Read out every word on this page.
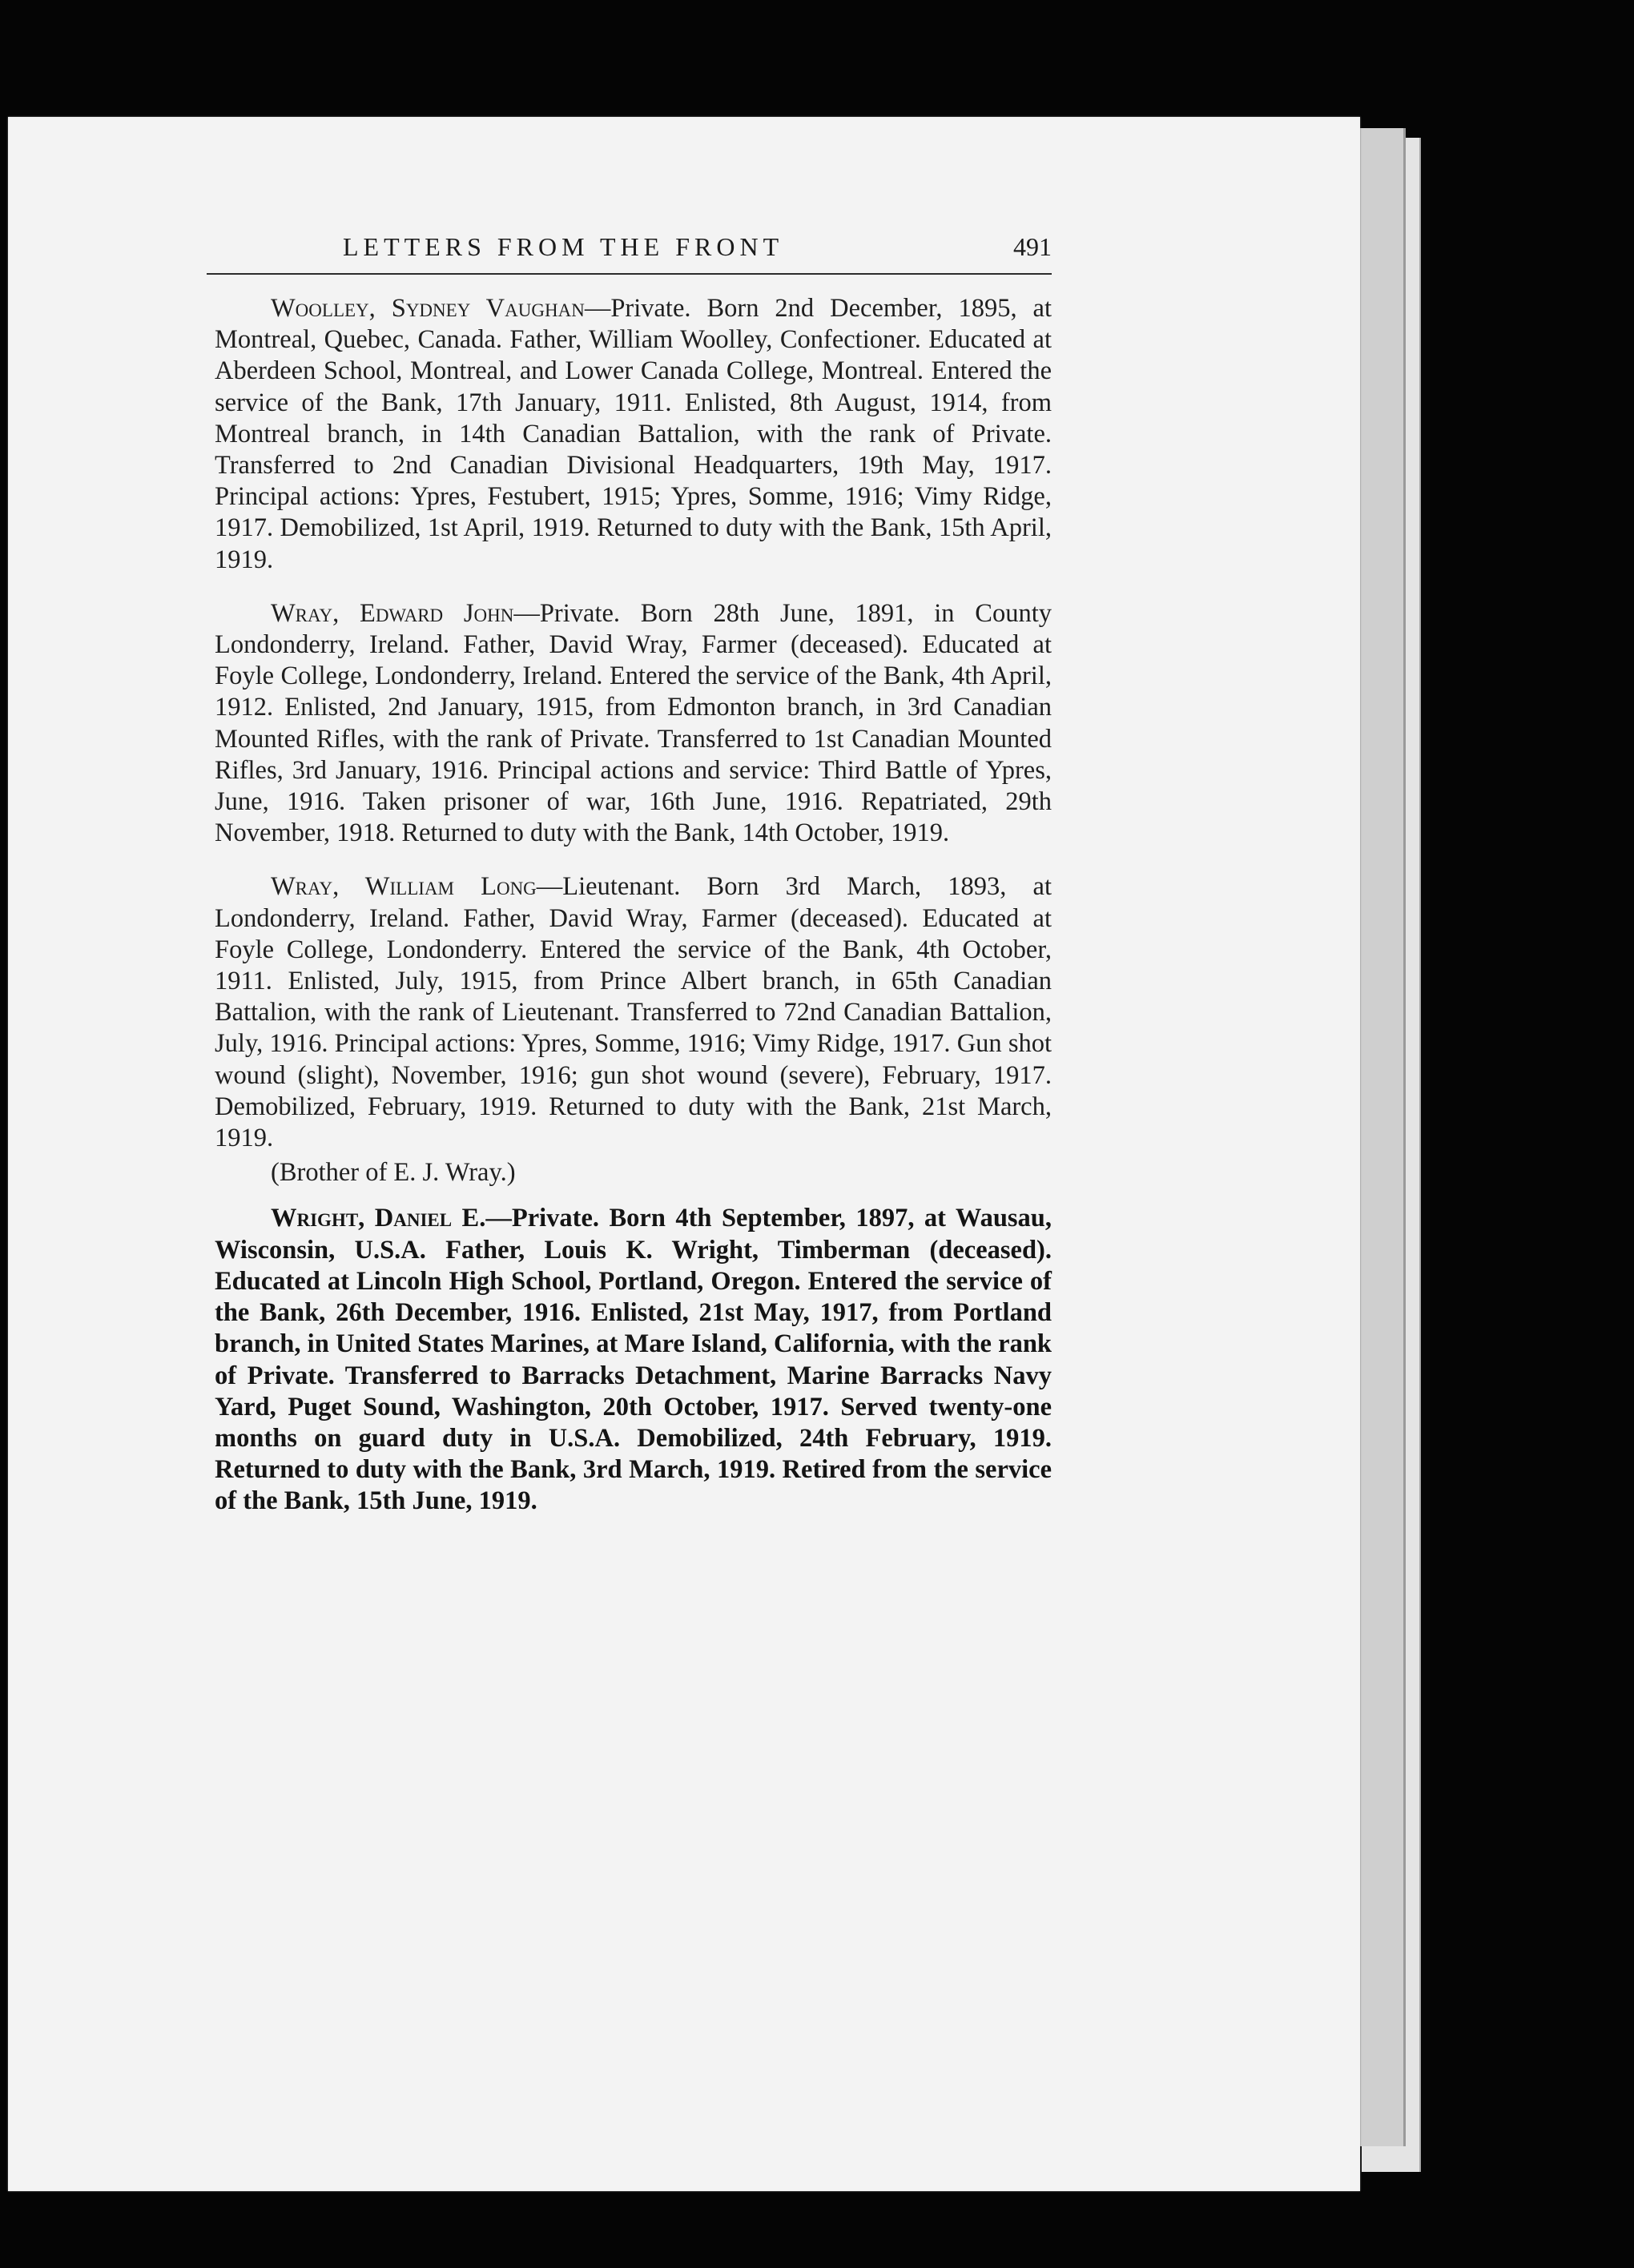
LETTERS FROM THE FRONT	491

Woolley, Sydney Vaughan—Private. Born 2nd December, 1895, at Montreal, Quebec, Canada. Father, William Woolley, Confectioner. Educated at Aberdeen School, Montreal, and Lower Canada College, Montreal. Entered the service of the Bank, 17th January, 1911. Enlisted, 8th August, 1914, from Montreal branch, in 14th Canadian Battalion, with the rank of Private. Transferred to 2nd Canadian Divisional Headquarters, 19th May, 1917. Principal actions: Ypres, Festubert, 1915; Ypres, Somme, 1916; Vimy Ridge, 1917. Demobilized, 1st April, 1919. Returned to duty with the Bank, 15th April, 1919.

Wray, Edward John—Private. Born 28th June, 1891, in County Londonderry, Ireland. Father, David Wray, Farmer (deceased). Educated at Foyle College, Londonderry, Ireland. Entered the service of the Bank, 4th April, 1912. Enlisted, 2nd January, 1915, from Edmonton branch, in 3rd Canadian Mounted Rifles, with the rank of Private. Transferred to 1st Canadian Mounted Rifles, 3rd January, 1916. Principal actions and service: Third Battle of Ypres, June, 1916. Taken prisoner of war, 16th June, 1916. Repatriated, 29th November, 1918. Returned to duty with the Bank, 14th October, 1919.

Wray, William Long—Lieutenant. Born 3rd March, 1893, at Londonderry, Ireland. Father, David Wray, Farmer (deceased). Educated at Foyle College, Londonderry. Entered the service of the Bank, 4th October, 1911. Enlisted, July, 1915, from Prince Albert branch, in 65th Canadian Battalion, with the rank of Lieutenant. Transferred to 72nd Canadian Battalion, July, 1916. Principal actions: Ypres, Somme, 1916; Vimy Ridge, 1917. Gun shot wound (slight), November, 1916; gun shot wound (severe), February, 1917. Demobilized, February, 1919. Returned to duty with the Bank, 21st March, 1919.

(Brother of E. J. Wray.)

Wright, Daniel E.—Private. Born 4th September, 1897, at Wausau, Wisconsin, U.S.A. Father, Louis K. Wright, Timberman (deceased). Educated at Lincoln High School, Portland, Oregon. Entered the service of the Bank, 26th December, 1916. Enlisted, 21st May, 1917, from Portland branch, in United States Marines, at Mare Island, California, with the rank of Private. Transferred to Barracks Detachment, Marine Barracks Navy Yard, Puget Sound, Washington, 20th October, 1917. Served twenty-one months on guard duty in U.S.A. Demobilized, 24th February, 1919. Returned to duty with the Bank, 3rd March, 1919. Retired from the service of the Bank, 15th June, 1919.
